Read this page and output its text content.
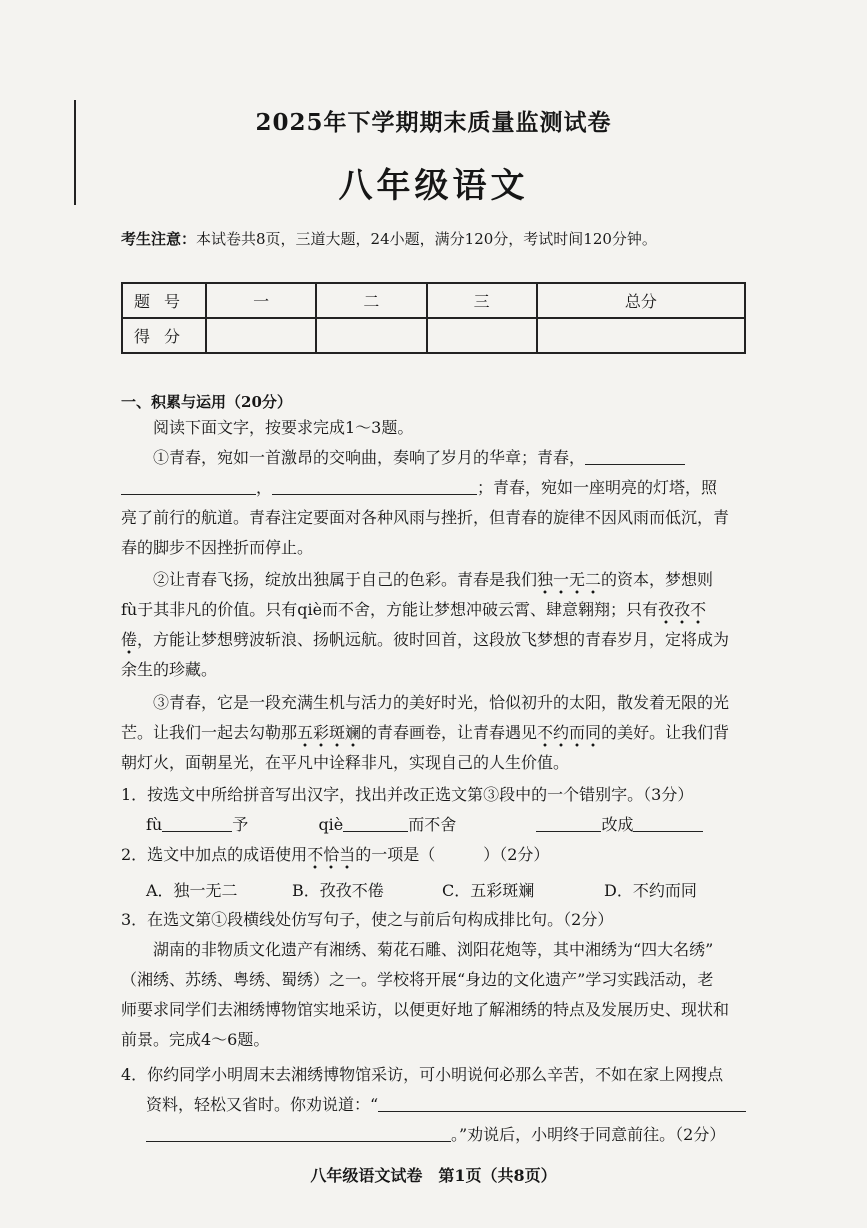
2025年下学期期末质量监测试卷
八年级语文
考生注意：本试卷共8页，三道大题，24小题，满分120分，考试时间120分钟。
题号	一	二	三	总分
得分				
一、积累与运用（20分）
阅读下面文字，按要求完成1～3题。
①青春，宛如一首激昂的交响曲，奏响了岁月的华章；青春，
，	；青春，宛如一座明亮的灯塔，照
亮了前行的航道。青春注定要面对各种风雨与挫折，但青春的旋律不因风雨而低沉，青
春的脚步不因挫折而停止。
②让青春飞扬，绽放出独属于自己的色彩。青春是我们独一无二的资本，梦想则
fù于其非凡的价值。只有qiè而不舍，方能让梦想冲破云霄、肆意翱翔；只有孜孜不
倦，方能让梦想劈波斩浪、扬帆远航。彼时回首，这段放飞梦想的青春岁月，定将成为
余生的珍藏。
③青春，它是一段充满生机与活力的美好时光，恰似初升的太阳，散发着无限的光
芒。让我们一起去勾勒那五彩斑斓的青春画卷，让青春遇见不约而同的美好。让我们背
朝灯火，面朝星光，在平凡中诠释非凡，实现自己的人生价值。
1．按选文中所给拼音写出汉字，找出并改正选文第③段中的一个错别字。（3分）
fù	予	qiè	而不舍	改成
2．选文中加点的成语使用不恰当的一项是（　　　）（2分）
A．独一无二	B．孜孜不倦	C．五彩斑斓	D．不约而同
3．在选文第①段横线处仿写句子，使之与前后句构成排比句。（2分）
湖南的非物质文化遗产有湘绣、菊花石雕、浏阳花炮等，其中湘绣为“四大名绣”
（湘绣、苏绣、粤绣、蜀绣）之一。学校将开展“身边的文化遗产”学习实践活动，老
师要求同学们去湘绣博物馆实地采访，以便更好地了解湘绣的特点及发展历史、现状和
前景。完成4～6题。
4．你约同学小明周末去湘绣博物馆采访，可小明说何必那么辛苦，不如在家上网搜点
资料，轻松又省时。你劝说道：“
。”劝说后，小明终于同意前往。（2分）
八年级语文试卷　第1页（共8页）
